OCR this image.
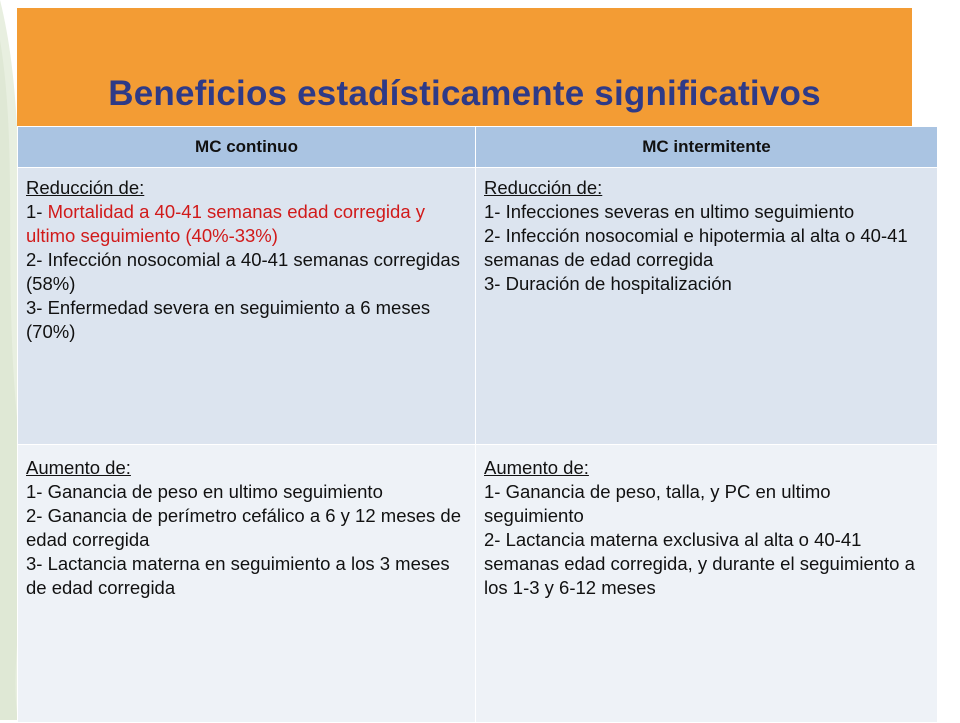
Beneficios estadísticamente significativos
MC continuo	MC intermitente

Reducción de:
1- Mortalidad a 40-41 semanas edad corregida y ultimo seguimiento (40%-33%)
2- Infección nosocomial a 40-41 semanas corregidas (58%)
3- Enfermedad severa en seguimiento a 6 meses (70%)	Reducción de:
1- Infecciones severas en ultimo seguimiento
2- Infección nosocomial e hipotermia al alta o 40-41 semanas de edad corregida
3- Duración de hospitalización

Aumento de:
1- Ganancia de peso en ultimo seguimiento
2- Ganancia de perímetro cefálico a 6 y 12 meses de edad corregida
3- Lactancia materna en seguimiento a los 3 meses de edad corregida	Aumento de:
1- Ganancia de peso, talla, y PC en ultimo seguimiento
2- Lactancia materna exclusiva al alta o 40-41 semanas edad corregida, y durante el seguimiento a los 1-3 y 6-12 meses
